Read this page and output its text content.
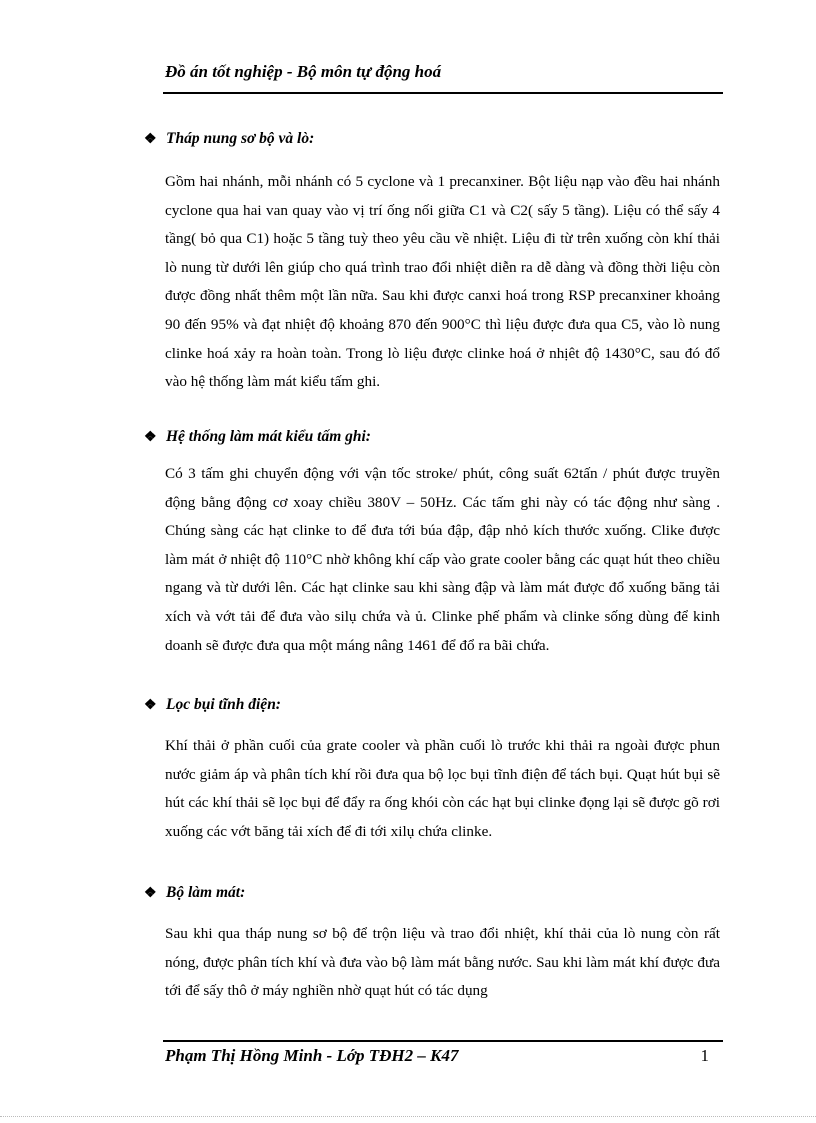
Đồ án tốt nghiệp - Bộ môn tự động hoá
❖ Tháp nung sơ bộ và lò:

Gồm hai nhánh, mỗi nhánh có 5 cyclone và 1 precanxiner. Bột liệu nạp vào đều hai nhánh cyclone qua hai van quay vào vị trí ống nối giữa C1 và C2( sấy 5 tầng). Liệu có thể sấy 4 tầng( bỏ qua C1) hoặc 5 tầng tuỳ theo yêu cầu về nhiệt. Liệu đi từ trên xuống còn khí thải lò nung từ dưới lên giúp cho quá trình trao đổi nhiệt diễn ra dễ dàng và đồng thời liệu còn được đồng nhất thêm một lần nữa. Sau khi được canxi hoá trong RSP precanxiner khoảng 90 đến 95% và đạt nhiệt độ khoảng 870 đến 900°C thì liệu được đưa qua C5, vào lò nung clinke hoá xảy ra hoàn toàn. Trong lò liệu được clinke hoá ở nhịêt độ 1430°C, sau đó đổ vào hệ thống làm mát kiểu tấm ghi.

❖ Hệ thống làm mát kiểu tấm ghi:

Có 3 tấm ghi chuyển động với vận tốc stroke/ phút, công suất 62tấn / phút được truyền động bằng động cơ xoay chiều 380V – 50Hz. Các tấm ghi này có tác động như sàng . Chúng sàng các hạt clinke to để đưa tới búa đập, đập nhỏ kích thước xuống. Clike được làm mát ở nhiệt độ 110°C nhờ không khí cấp vào grate cooler bằng các quạt hút theo chiều ngang và từ dưới lên. Các hạt clinke sau khi sàng đập và làm mát được đổ xuống băng tải xích và vớt tải để đưa vào silụ chứa và ủ. Clinke phế phẩm và clinke sống dùng để kinh doanh sẽ được đưa qua một máng nâng 1461 để đổ ra bãi chứa.

❖ Lọc bụi tĩnh điện:

Khí thải ở phần cuối của grate cooler và phần cuối lò trước khi thải ra ngoài được phun nước giảm áp và phân tích khí rồi đưa qua bộ lọc bụi tĩnh điện để tách bụi. Quạt hút bụi sẽ hút các khí thải sẽ lọc bụi để đẩy ra ống khói còn các hạt bụi clinke đọng lại sẽ được gõ rơi xuống các vớt băng tải xích để đi tới xilụ chứa clinke.

❖ Bộ làm mát:

Sau khi qua tháp nung sơ bộ để trộn liệu và trao đổi nhiệt, khí thải của lò nung còn rất nóng, được phân tích khí và đưa vào bộ làm mát bằng nước. Sau khi làm mát khí được đưa tới để sấy thô ở máy nghiền nhờ quạt hút có tác dụng

Phạm Thị Hồng Minh - Lớp TĐH2 – K47	1
